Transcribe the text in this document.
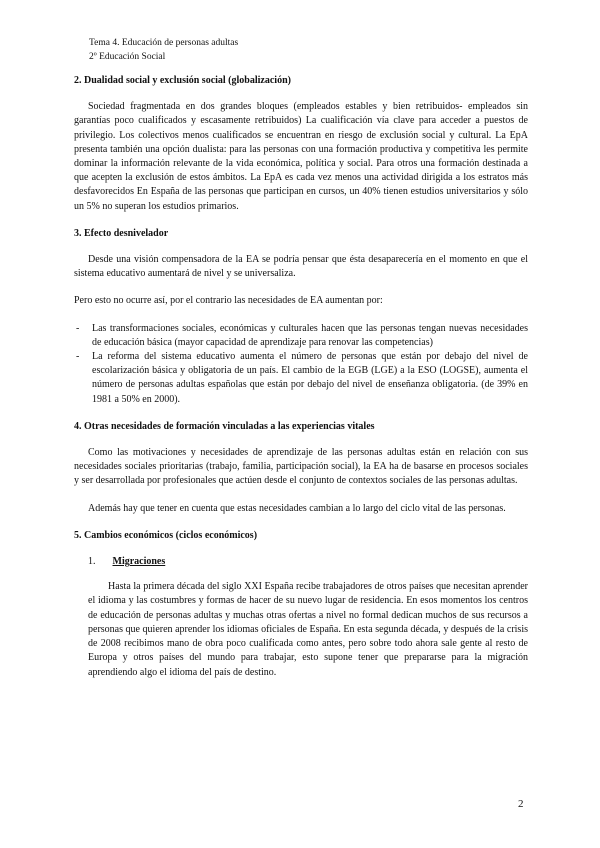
Tema 4. Educación de personas adultas
2º Educación Social
2. Dualidad social y exclusión social (globalización)

Sociedad fragmentada en dos grandes bloques (empleados estables y bien retribuidos- empleados sin garantías poco cualificados y escasamente retribuidos) La cualificación vía clave para acceder a puestos de privilegio. Los colectivos menos cualificados se encuentran en riesgo de exclusión social y cultural. La EpA presenta también una opción dualista: para las personas con una formación productiva y competitiva les permite dominar la información relevante de la vida económica, política y social. Para otros una formación destinada a que acepten la exclusión de estos ámbitos. La EpA es cada vez menos una actividad dirigida a los estratos más desfavorecidos En España de las personas que participan en cursos, un 40% tienen estudios universitarios y sólo un 5% no superan los estudios primarios.

3. Efecto desnivelador

Desde una visión compensadora de la EA se podría pensar que ésta desaparecería en el momento en que el sistema educativo aumentará de nivel y se universaliza.

Pero esto no ocurre así, por el contrario las necesidades de EA aumentan por:

- Las transformaciones sociales, económicas y culturales hacen que las personas tengan nuevas necesidades de educación básica (mayor capacidad de aprendizaje para renovar las competencias)
- La reforma del sistema educativo aumenta el número de personas que están por debajo del nivel de escolarización básica y obligatoria de un país. El cambio de la EGB (LGE) a la ESO (LOGSE), aumenta el número de personas adultas españolas que están por debajo del nivel de enseñanza obligatoria. (de 39% en 1981 a 50% en 2000).
4. Otras necesidades de formación vinculadas a las experiencias vitales

Como las motivaciones y necesidades de aprendizaje de las personas adultas están en relación con sus necesidades sociales prioritarias (trabajo, familia, participación social), la EA ha de basarse en procesos sociales y ser desarrollada por profesionales que actúen desde el conjunto de contextos sociales de las personas adultas.

Además hay que tener en cuenta que estas necesidades cambian a lo largo del ciclo vital de las personas.

5. Cambios económicos (ciclos económicos)
1. Migraciones

Hasta la primera década del siglo XXI España recibe trabajadores de otros países que necesitan aprender el idioma y las costumbres y formas de hacer de su nuevo lugar de residencia. En esos momentos los centros de educación de personas adultas y muchas otras ofertas a nivel no formal dedican muchos de sus recursos a personas que quieren aprender los idiomas oficiales de España. En esta segunda década, y después de la crisis de 2008 recibimos mano de obra poco cualificada como antes, pero sobre todo ahora sale gente al resto de Europa y otros países del mundo para trabajar, esto supone tener que prepararse para la migración aprendiendo algo el idioma del país de destino.

2
